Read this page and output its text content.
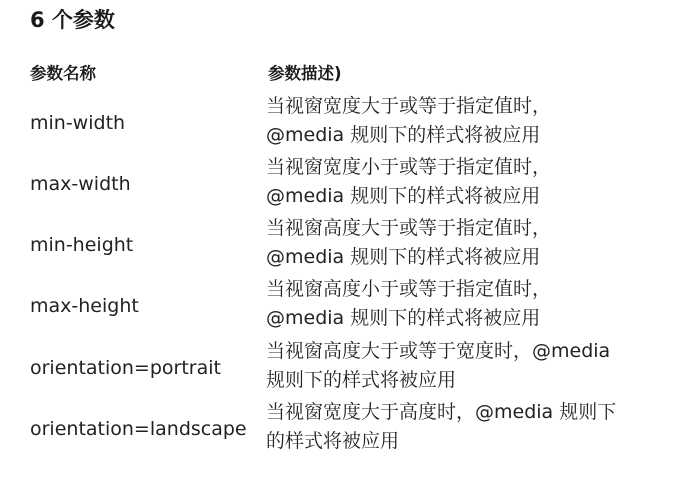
6 个参数
参数名称	参数描述)
min-width
当视窗宽度大于或等于指定值时，
@media 规则下的样式将被应用
max-width
当视窗宽度小于或等于指定值时，
@media 规则下的样式将被应用
min-height
当视窗高度大于或等于指定值时，
@media 规则下的样式将被应用
max-height
当视窗高度小于或等于指定值时，
@media 规则下的样式将被应用
orientation=portrait
当视窗高度大于或等于宽度时，@media
规则下的样式将被应用
orientation=landscape
当视窗宽度大于高度时，@media 规则下
的样式将被应用
